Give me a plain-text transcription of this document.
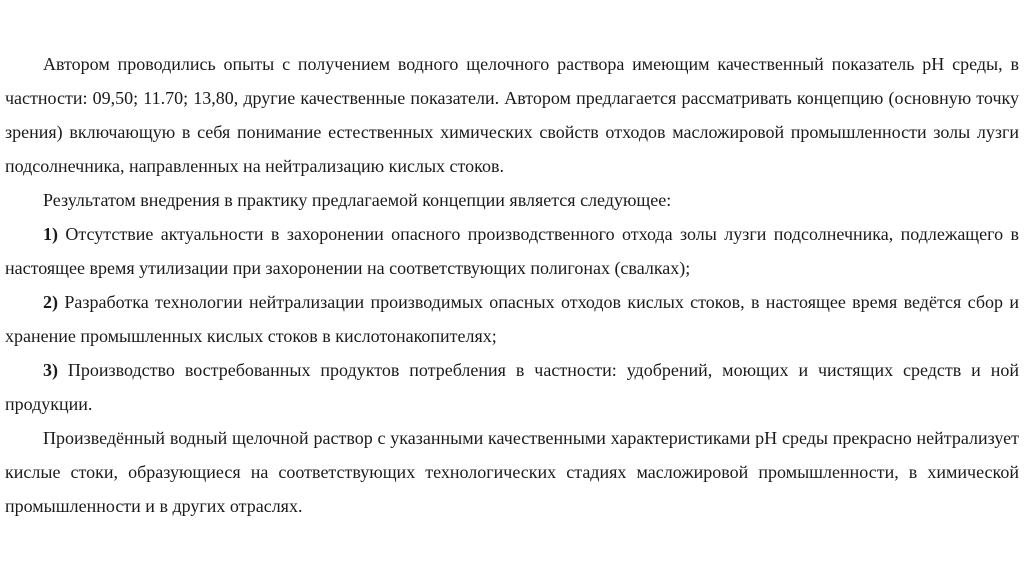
Автором проводились опыты с получением водного щелочного раствора имеющим качественный показатель pH среды, в частности: 09,50; 11.70; 13,80, другие качественные показатели. Автором предлагается рассматривать концепцию (основную точку зрения) включающую в себя понимание естественных химических свойств отходов масложировой промышленности золы лузги подсолнечника, направленных на нейтрализацию кислых стоков.

Результатом внедрения в практику предлагаемой концепции является следующее:

1) Отсутствие актуальности в захоронении опасного производственного отхода золы лузги подсолнечника, подлежащего в настоящее время утилизации при захоронении на соответствующих полигонах (свалках);

2) Разработка технологии нейтрализации производимых опасных отходов кислых стоков, в настоящее время ведётся сбор и хранение промышленных кислых стоков в кислотонакопителях;

3) Производство востребованных продуктов потребления в частности: удобрений, моющих и чистящих средств и ной продукции.

Произведённый водный щелочной раствор с указанными качественными характеристиками pH среды прекрасно нейтрализует кислые стоки, образующиеся на соответствующих технологических стадиях масложировой промышленности, в химической промышленности и в других отраслях.
